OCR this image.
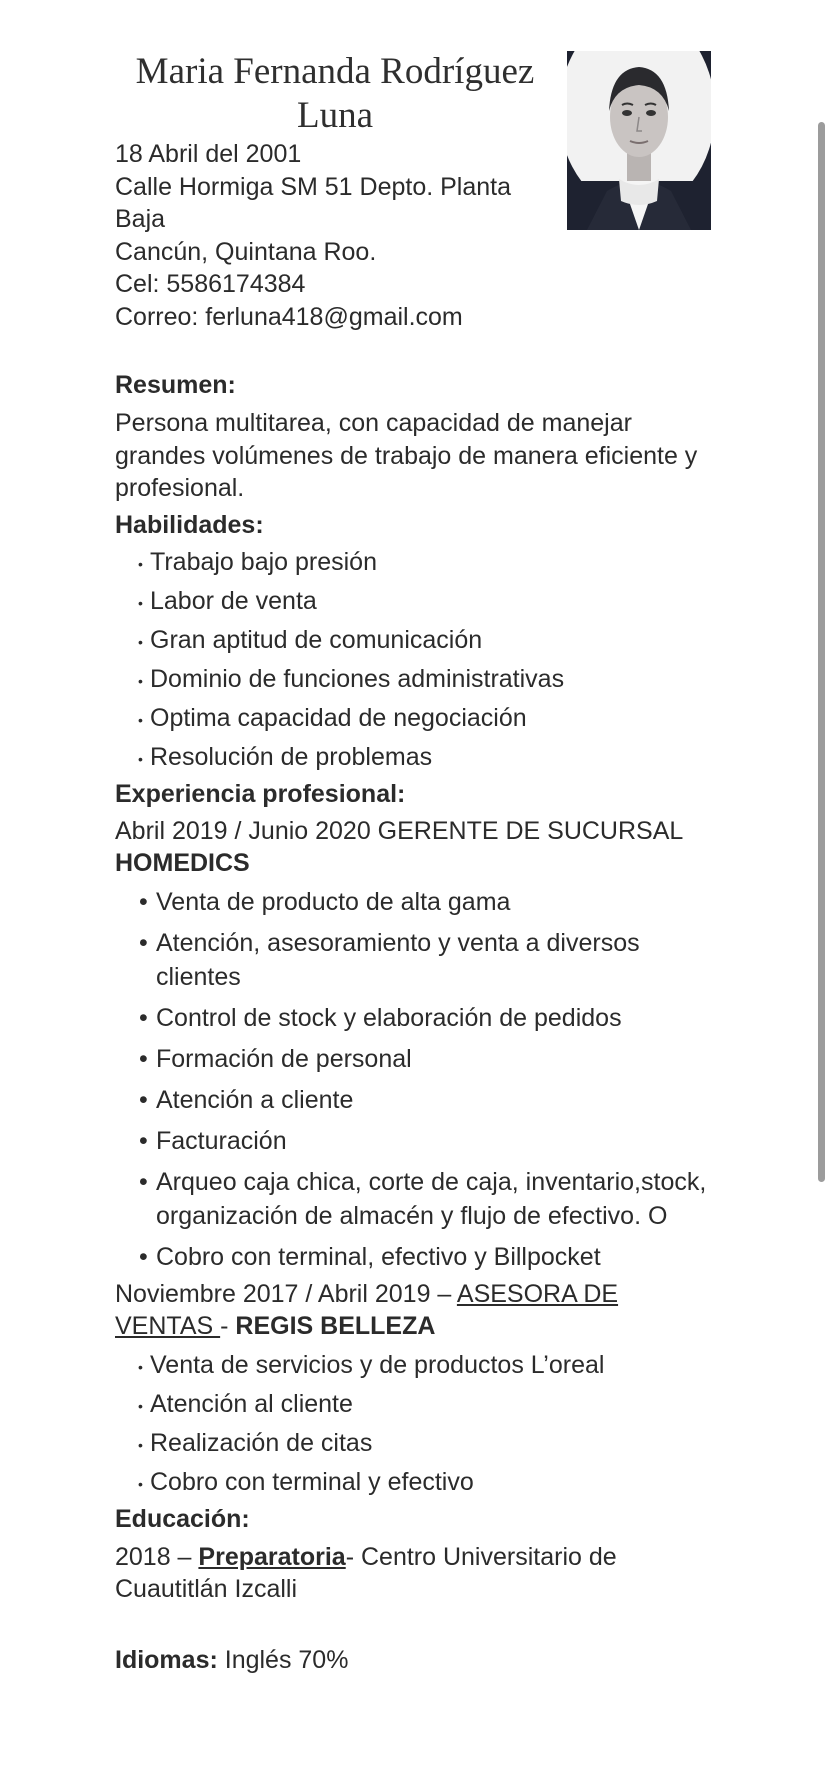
Maria Fernanda Rodríguez Luna
18 Abril del 2001
Calle Hormiga SM 51 Depto. Planta Baja
Cancún, Quintana Roo.
Cel: 5586174384
Correo: ferluna418@gmail.com
Resumen:
Persona multitarea, con capacidad de manejar grandes volúmenes de trabajo de manera eficiente y profesional.
Habilidades:
• Trabajo bajo presión
• Labor de venta
• Gran aptitud de comunicación
• Dominio de funciones administrativas
• Optima capacidad de negociación
• Resolución de problemas
Experiencia profesional:
Abril 2019 / Junio 2020 GERENTE DE SUCURSAL HOMEDICS
• Venta de producto de alta gama
• Atención, asesoramiento y venta a diversos clientes
• Control de stock y elaboración de pedidos
• Formación de personal
• Atención a cliente
• Facturación
• Arqueo caja chica, corte de caja, inventario,stock, organización de almacén y flujo de efectivo. O
• Cobro con terminal, efectivo y Billpocket
Noviembre 2017 / Abril 2019 – ASESORA DE VENTAS - REGIS BELLEZA
• Venta de servicios y de productos L’oreal
• Atención al cliente
• Realización de citas
• Cobro con terminal y efectivo
Educación:
2018 – Preparatoria- Centro Universitario de Cuautitlán Izcalli
Idiomas: Inglés 70%
